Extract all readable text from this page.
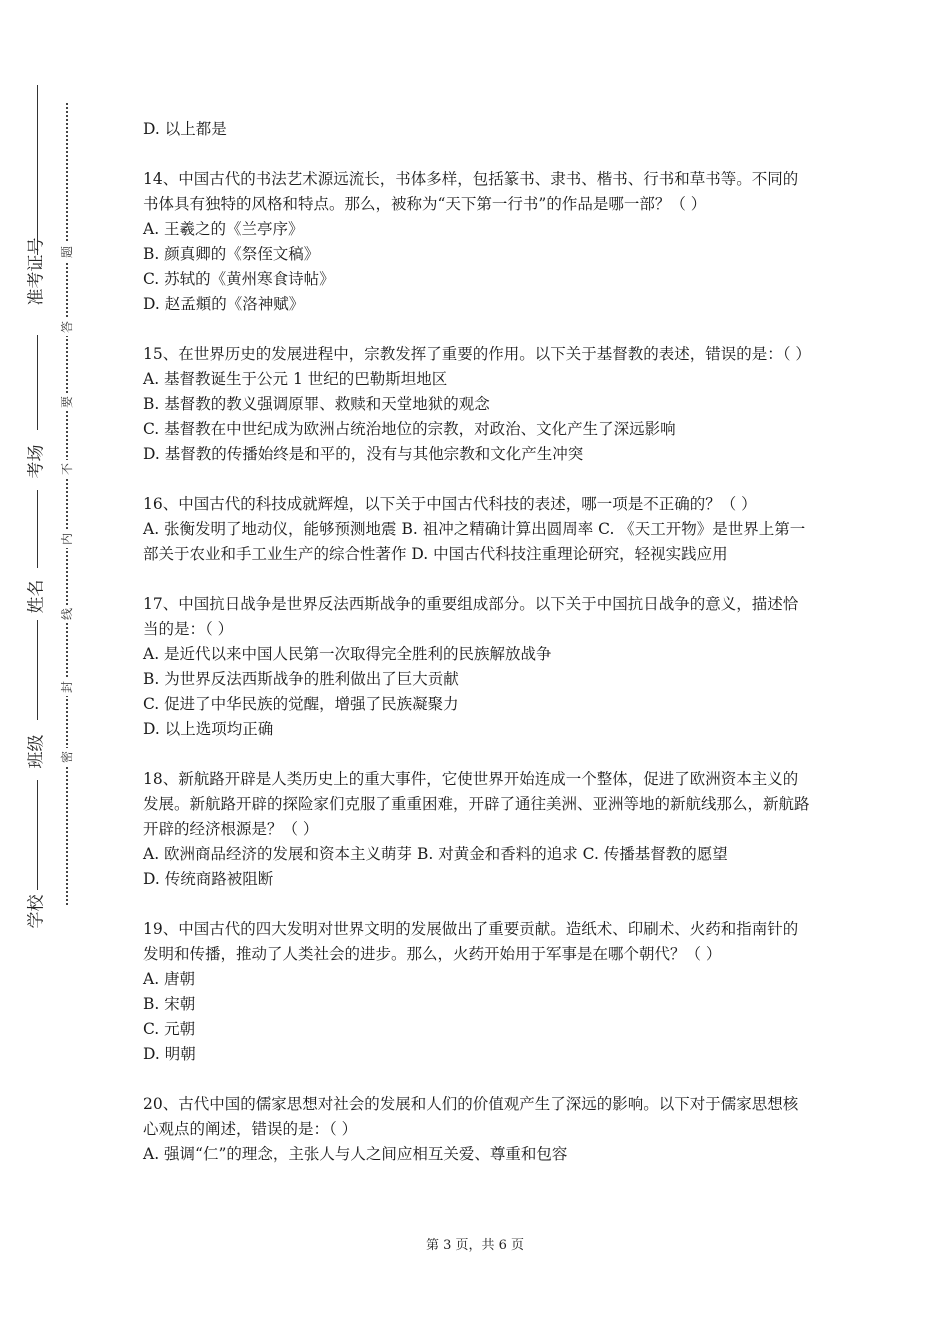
准考证号
考场
姓名
班级
学校
题
答
要
不
内
线
封
密

D. 以上都是

14、中国古代的书法艺术源远流长，书体多样，包括篆书、隶书、楷书、行书和草书等。不同的书体具有独特的风格和特点。那么，被称为“天下第一行书”的作品是哪一部？（ ）

A. 王羲之的《兰亭序》

B. 颜真卿的《祭侄文稿》

C. 苏轼的《黄州寒食诗帖》

D. 赵孟頫的《洛神赋》

15、在世界历史的发展进程中，宗教发挥了重要的作用。以下关于基督教的表述，错误的是：（ ）

A. 基督教诞生于公元 1 世纪的巴勒斯坦地区

B. 基督教的教义强调原罪、救赎和天堂地狱的观念

C. 基督教在中世纪成为欧洲占统治地位的宗教，对政治、文化产生了深远影响

D. 基督教的传播始终是和平的，没有与其他宗教和文化产生冲突

16、中国古代的科技成就辉煌，以下关于中国古代科技的表述，哪一项是不正确的？（ ）

A. 张衡发明了地动仪，能够预测地震 B. 祖冲之精确计算出圆周率 C. 《天工开物》是世界上第一部关于农业和手工业生产的综合性著作 D. 中国古代科技注重理论研究，轻视实践应用

17、中国抗日战争是世界反法西斯战争的重要组成部分。以下关于中国抗日战争的意义，描述恰当的是：（ ）

A. 是近代以来中国人民第一次取得完全胜利的民族解放战争

B. 为世界反法西斯战争的胜利做出了巨大贡献

C. 促进了中华民族的觉醒，增强了民族凝聚力

D. 以上选项均正确

18、新航路开辟是人类历史上的重大事件，它使世界开始连成一个整体，促进了欧洲资本主义的发展。新航路开辟的探险家们克服了重重困难，开辟了通往美洲、亚洲等地的新航线那么，新航路开辟的经济根源是？（ ）

A. 欧洲商品经济的发展和资本主义萌芽 B. 对黄金和香料的追求 C. 传播基督教的愿望

D. 传统商路被阻断

19、中国古代的四大发明对世界文明的发展做出了重要贡献。造纸术、印刷术、火药和指南针的发明和传播，推动了人类社会的进步。那么，火药开始用于军事是在哪个朝代？（ ）

A. 唐朝

B. 宋朝

C. 元朝

D. 明朝

20、古代中国的儒家思想对社会的发展和人们的价值观产生了深远的影响。以下对于儒家思想核心观点的阐述，错误的是：（ ）

A. 强调“仁”的理念，主张人与人之间应相互关爱、尊重和包容

第 3 页，共 6 页
